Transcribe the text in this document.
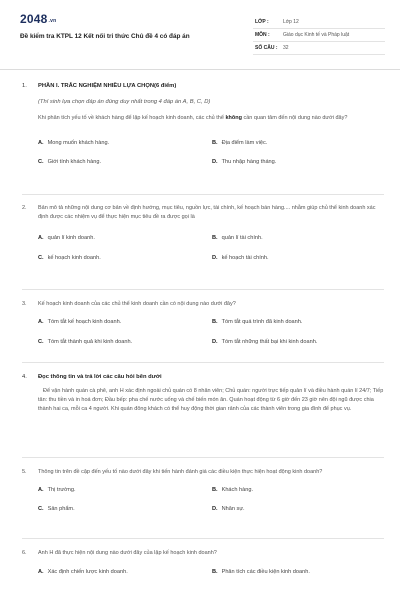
2048.vn
Đề kiểm tra KTPL 12 Kết nối tri thức Chủ đề 4 có đáp án
LỚP :	Lớp 12
MÔN :	Giáo dục Kinh tế và Pháp luật
SỐ CÂU : 32
1. PHẦN I. TRẮC NGHIỆM NHIỀU LỰA CHỌN(6 điểm)
(Thí sinh lựa chọn đáp án đúng duy nhất trong 4 đáp án A, B, C, D)
Khi phân tích yếu tố về khách hàng để lập kế hoạch kinh doanh, các chủ thể không cần quan tâm đến nội dung nào dưới đây?
A. Mong muốn khách hàng.	B. Địa điểm làm việc.
C. Giới tính khách hàng.	D. Thu nhập hàng tháng.
2. Bản mô tả những nội dung cơ bản về định hướng, mục tiêu, nguồn lực, tài chính, kế hoạch bán hàng.... nhằm giúp chủ thể kinh doanh xác định được các nhiệm vụ để thực hiện mục tiêu đề ra được gọi là
A. quản lí kinh doanh.	B. quản lí tài chính.
C. kế hoạch kinh doanh.	D. kế hoạch tài chính.
3. Kế hoạch kinh doanh của các chủ thể kinh doanh cần có nội dung nào dưới đây?
A. Tóm tắt kế hoạch kinh doanh.	B. Tóm tắt quá trình đã kinh doanh.
C. Tóm tắt thành quả khi kinh doanh.	D. Tóm tắt những thất bại khi kinh doanh.
4. Đọc thông tin và trả lời các câu hỏi bên dưới
Để vận hành quán cà phê, anh H xác định ngoài chủ quán có 8 nhân viên; Chủ quán: người trực tiếp quản lí và điều hành quán lí 24/7; Tiếp tân: thu tiền và in hoá đơn; Đầu bếp: pha chế nước uống và chế biến món ăn. Quán hoạt động từ 6 giờ đến 23 giờ nên đội ngũ được chia thành hai ca, mỗi ca 4 người. Khi quán đông khách có thể huy động thời gian rảnh của các thành viên trong gia đình để phục vụ.
5. Thông tin trên đề cập đến yếu tố nào dưới đây khi tiến hành đánh giá các điều kiện thực hiện hoạt động kinh doanh?
A. Thị trường.	B. Khách hàng.
C. Sản phẩm.	D. Nhân sự.
6. Anh H đã thực hiện nội dung nào dưới đây của lập kế hoạch kinh doanh?
A. Xác định chiến lược kinh doanh.	B. Phân tích các điều kiện kinh doanh.
